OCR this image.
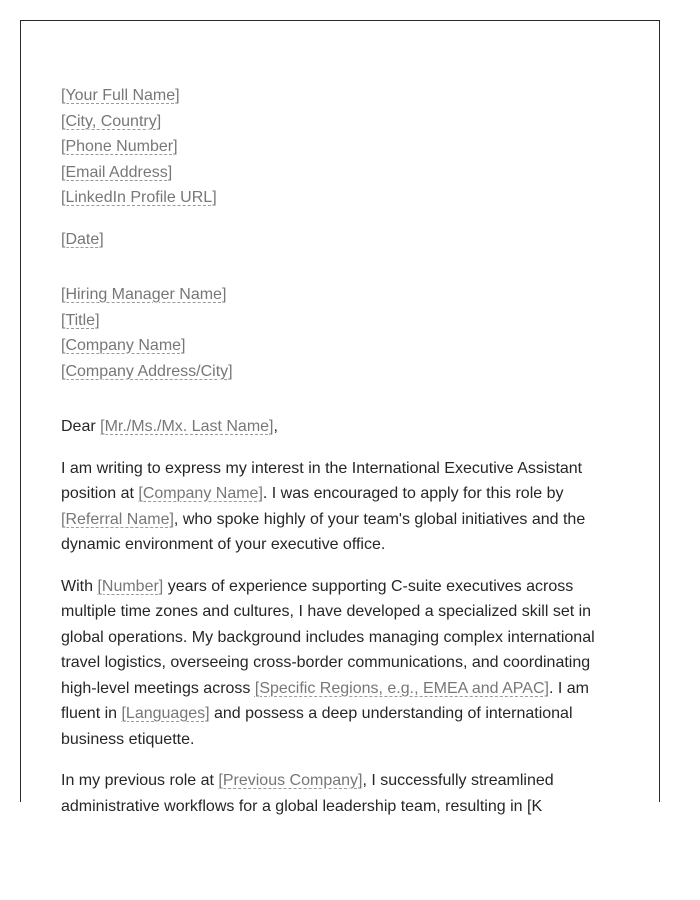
[Your Full Name]
[City, Country]
[Phone Number]
[Email Address]
[LinkedIn Profile URL]
[Date]
[Hiring Manager Name]
[Title]
[Company Name]
[Company Address/City]

Dear [Mr./Ms./Mx. Last Name],

I am writing to express my interest in the International Executive Assistant position at [Company Name]. I was encouraged to apply for this role by [Referral Name], who spoke highly of your team's global initiatives and the dynamic environment of your executive office.

With [Number] years of experience supporting C-suite executives across multiple time zones and cultures, I have developed a specialized skill set in global operations. My background includes managing complex international travel logistics, overseeing cross-border communications, and coordinating high-level meetings across [Specific Regions, e.g., EMEA and APAC]. I am fluent in [Languages] and possess a deep understanding of international business etiquette.

In my previous role at [Previous Company], I successfully streamlined administrative workflows for a global leadership team, resulting in [K
